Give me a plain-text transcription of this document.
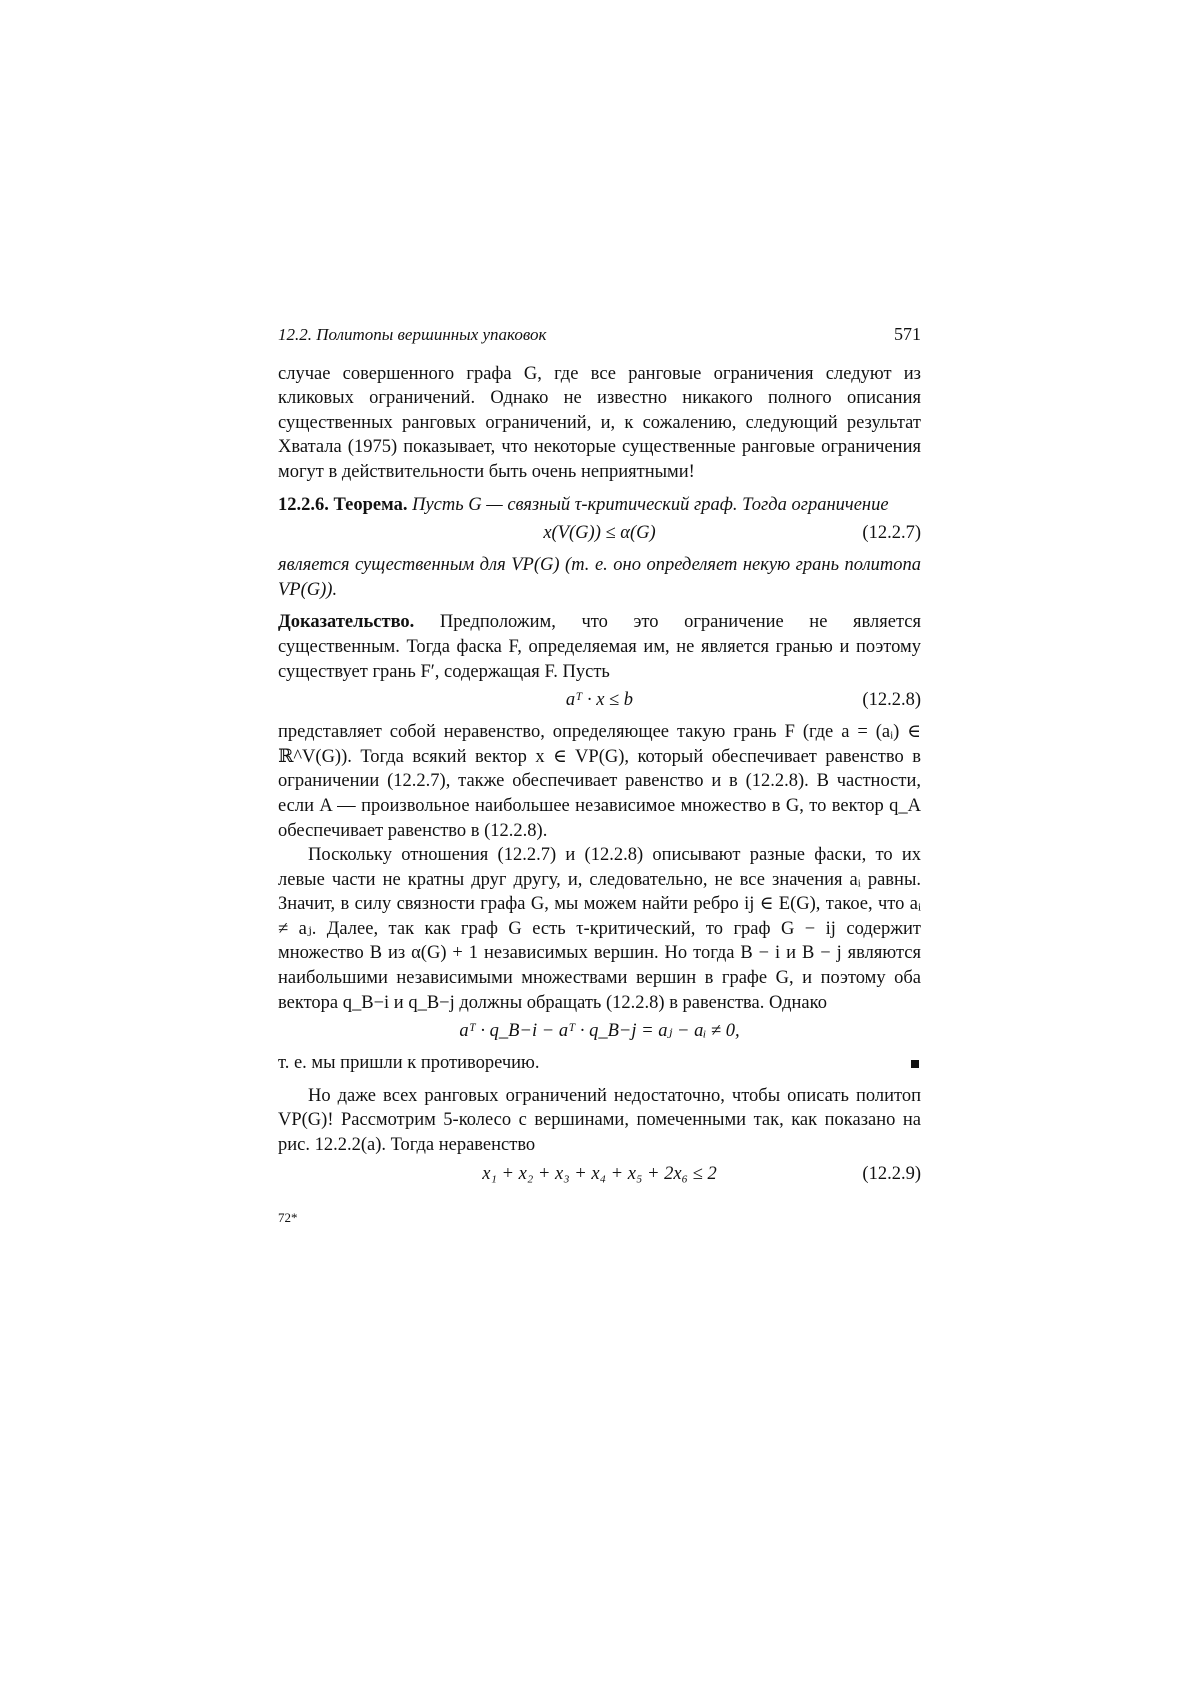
12.2. Политопы вершинных упаковок	571

случае совершенного графа G, где все ранговые ограничения следуют из кликовых ограничений. Однако не известно никакого полного описания существенных ранговых ограничений, и, к сожалению, следующий результат Хватала (1975) показывает, что некоторые существенные ранговые ограничения могут в действительности быть очень неприятными!

12.2.6. Теорема. Пусть G — связный τ-критический граф. Тогда ограничение

x(V(G)) ≤ α(G)	(12.2.7)

является существенным для VP(G) (т. е. оно определяет некую грань политопа VP(G)).

Доказательство. Предположим, что это ограничение не является существенным. Тогда фаска F, определяемая им, не является гранью и поэтому существует грань F′, содержащая F. Пусть

aᵀ · x ≤ b	(12.2.8)

представляет собой неравенство, определяющее такую грань F (где a = (aᵢ) ∈ ℝ^V(G)). Тогда всякий вектор x ∈ VP(G), который обеспечивает равенство в ограничении (12.2.7), также обеспечивает равенство и в (12.2.8). В частности, если A — произвольное наибольшее независимое множество в G, то вектор q_A обеспечивает равенство в (12.2.8).

Поскольку отношения (12.2.7) и (12.2.8) описывают разные фаски, то их левые части не кратны друг другу, и, следовательно, не все значения aᵢ равны. Значит, в силу связности графа G, мы можем найти ребро ij ∈ E(G), такое, что aᵢ ≠ aⱼ. Далее, так как граф G есть τ-критический, то граф G − ij содержит множество B из α(G) + 1 независимых вершин. Но тогда B − i и B − j являются наибольшими независимыми множествами вершин в графе G, и поэтому оба вектора q_B−i и q_B−j должны обращать (12.2.8) в равенства. Однако

aᵀ · q_B−i − aᵀ · q_B−j = aⱼ − aᵢ ≠ 0,
т. е. мы пришли к противоречию.

Но даже всех ранговых ограничений недостаточно, чтобы описать политоп VP(G)! Рассмотрим 5-колесо с вершинами, помеченными так, как показано на рис. 12.2.2(a). Тогда неравенство

x₁ + x₂ + x₃ + x₄ + x₅ + 2x₆ ≤ 2	(12.2.9)
72*
